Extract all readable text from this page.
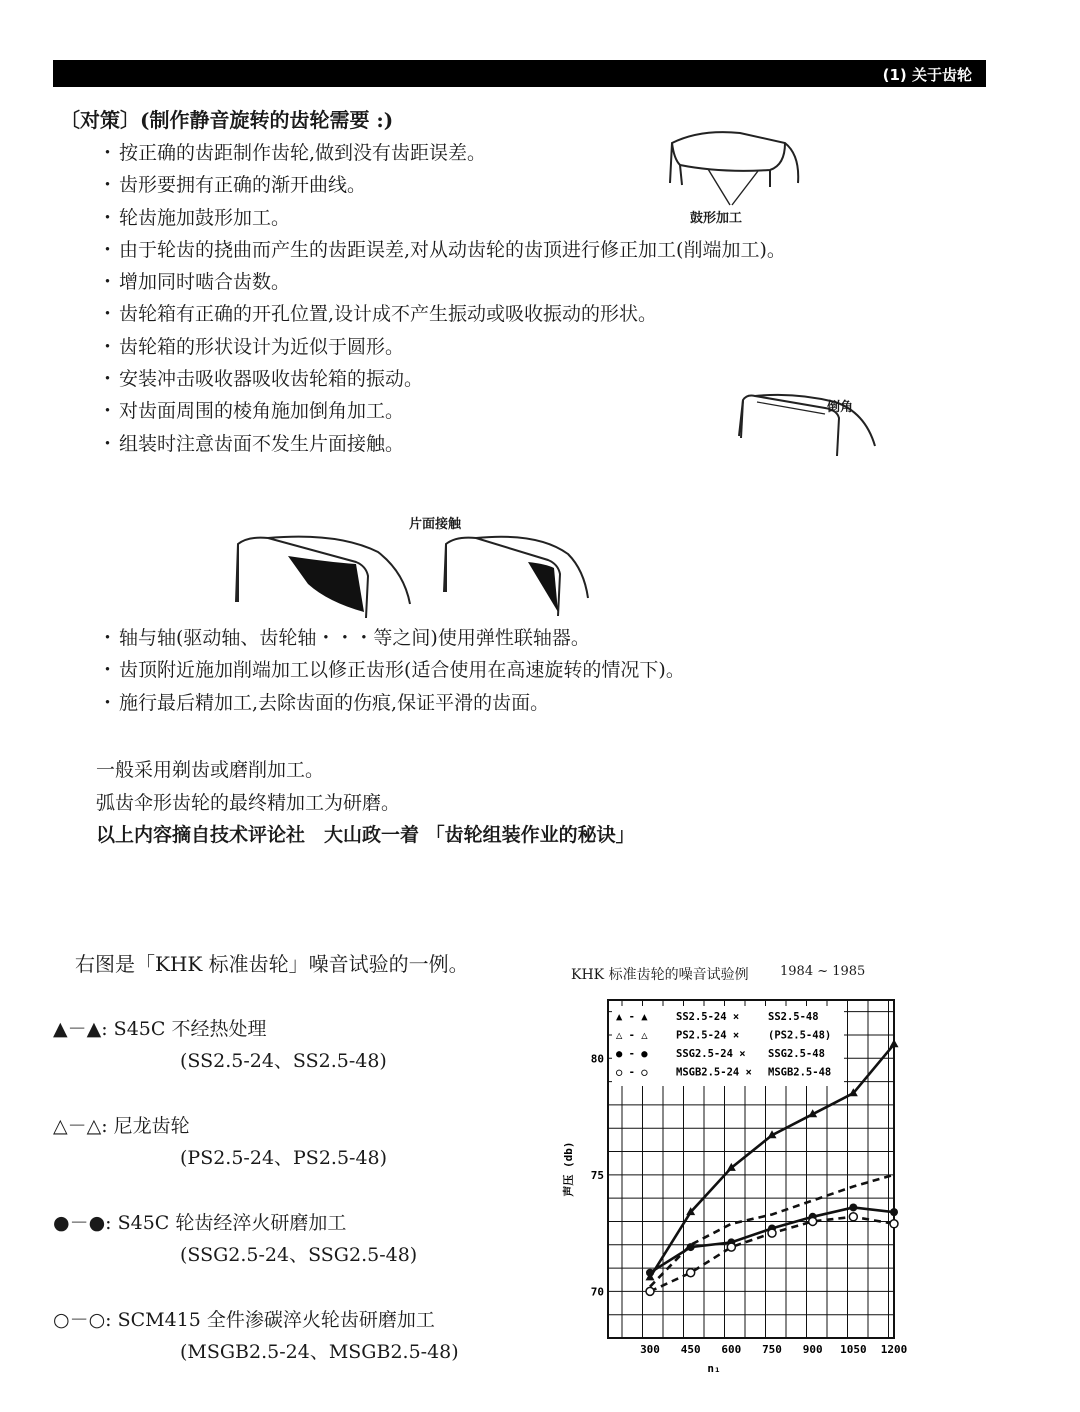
(1) 关于齿轮
〔对策〕(制作静音旋转的齿轮需要 :)
・ 按正确的齿距制作齿轮,做到没有齿距误差。
・ 齿形要拥有正确的渐开曲线。
・ 轮齿施加鼓形加工。
・ 由于轮齿的挠曲而产生的齿距误差,对从动齿轮的齿顶进行修正加工(削端加工)。
・ 增加同时啮合齿数。
・ 齿轮箱有正确的开孔位置,设计成不产生振动或吸收振动的形状。
・ 齿轮箱的形状设计为近似于圆形。
・ 安装冲击吸收器吸收齿轮箱的振动。
・ 对齿面周围的棱角施加倒角加工。
・ 组装时注意齿面不发生片面接触。
鼓形加工
倒角
片面接触
・ 轴与轴(驱动轴、齿轮轴・・・等之间)使用弹性联轴器。
・ 齿顶附近施加削端加工以修正齿形(适合使用在高速旋转的情况下)。
・ 施行最后精加工,去除齿面的伤痕,保证平滑的齿面。
一般采用剃齿或磨削加工。
弧齿伞形齿轮的最终精加工为研磨。
以上内容摘自技术评论社　大山政一着 「齿轮组装作业的秘诀」
右图是「KHK 标准齿轮」噪音试验的一例。
▲－▲: S45C 不经热处理
(SS2.5-24、SS2.5-48)
△－△: 尼龙齿轮
(PS2.5-24、PS2.5-48)
●－●: S45C 轮齿经淬火研磨加工
(SSG2.5-24、SSG2.5-48)
○－○: SCM415 全件渗碳淬火轮齿研磨加工
(MSGB2.5-24、MSGB2.5-48)
KHK 标准齿轮的噪音试验例 1984 ~ 1985
70
75
80
300 450 600 750 900 1050 1200
声压 (db)
n₁
▲ - ▲	SS2.5-24 ×	SS2.5-48
△ - △	PS2.5-24 ×	(PS2.5-48)
● - ●	SSG2.5-24 × SSG2.5-48
○ - ○	MSGB2.5-24 × MSGB2.5-48
